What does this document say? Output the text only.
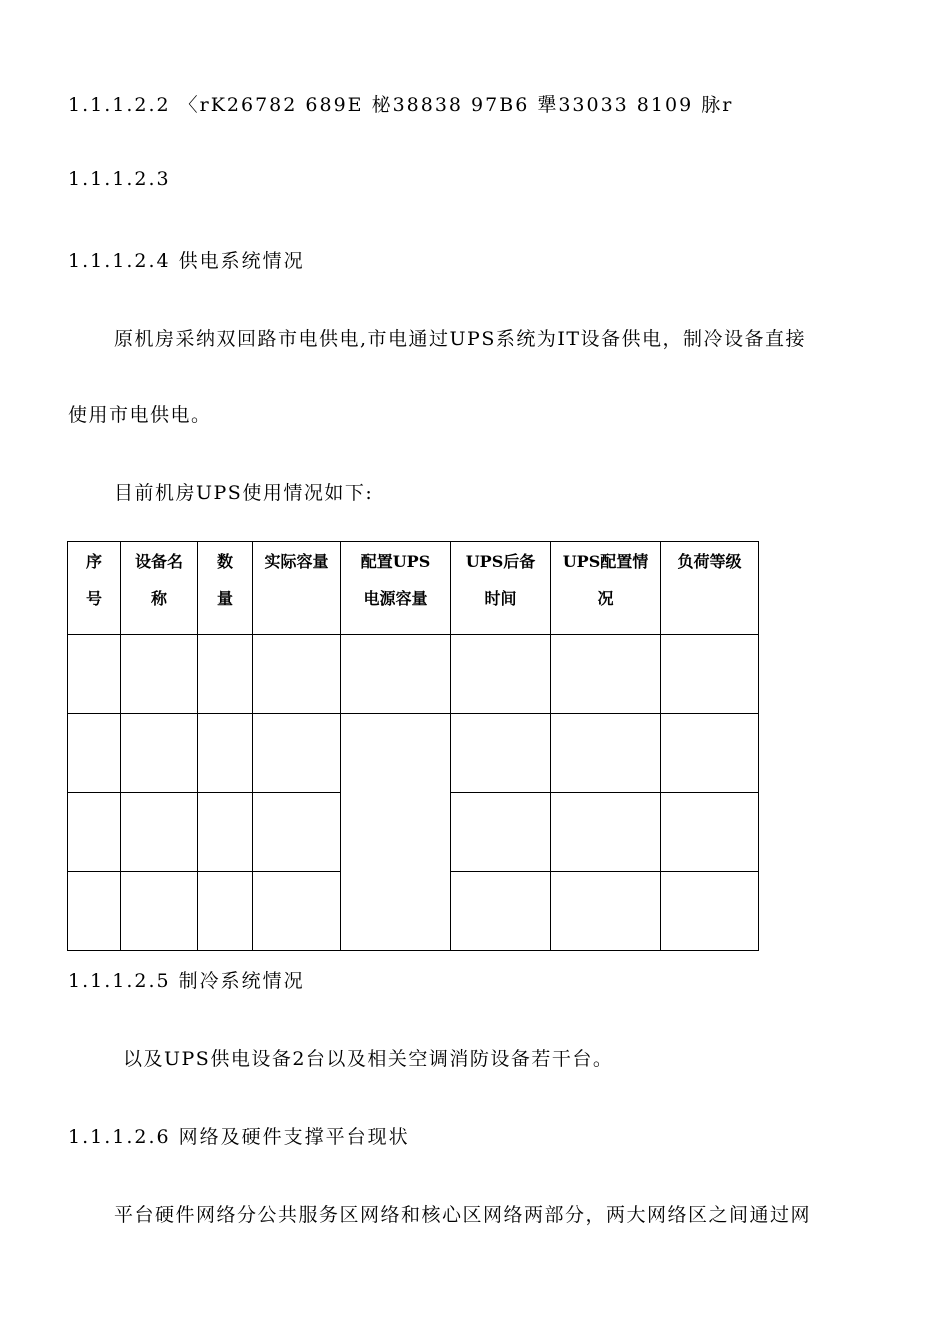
1.1.1.2.2 〈rK26782 689E 柲38838 97B6 犟33033 8109 脉r
1.1.1.2.3
1.1.1.2.4 供电系统情况
原机房采纳双回路市电供电,市电通过UPS系统为IT设备供电，制冷设备直接
使用市电供电。
目前机房UPS使用情况如下:
序号	设备名称	数量	实际容量	配置UPS电源容量	UPS后备时间	UPS配置情况	负荷等级

1.1.1.2.5 制冷系统情况
以及UPS供电设备2台以及相关空调消防设备若干台。
1.1.1.2.6 网络及硬件支撑平台现状
平台硬件网络分公共服务区网络和核心区网络两部分，两大网络区之间通过网
